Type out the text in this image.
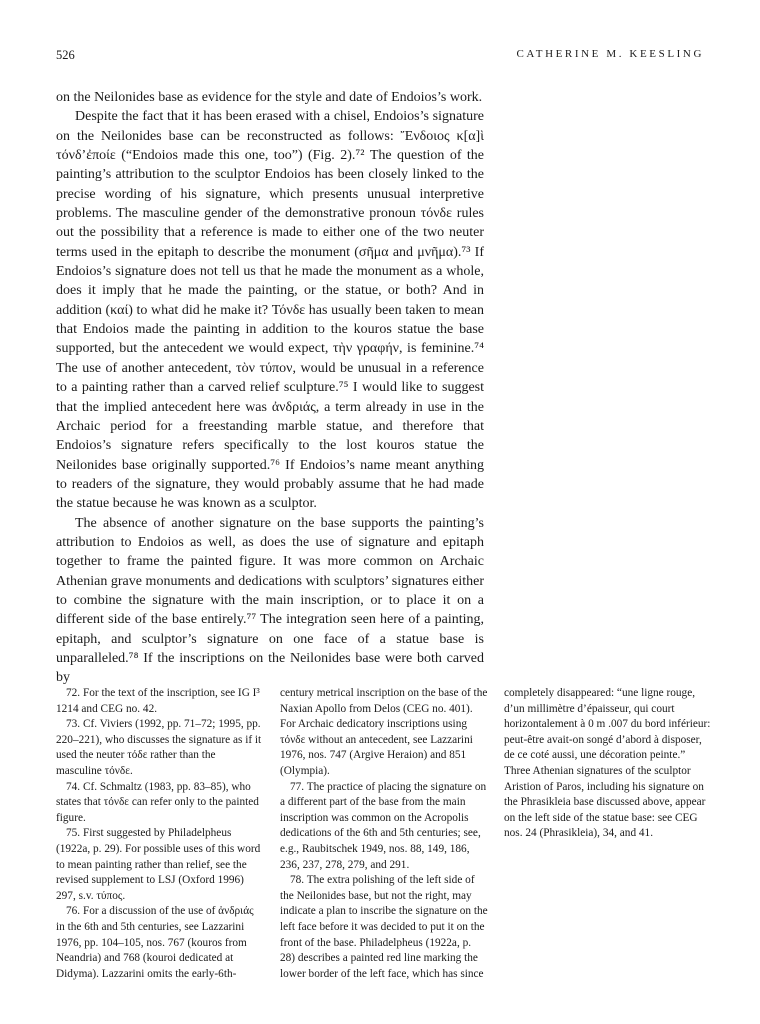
526	CATHERINE M. KEESLING

on the Neilonides base as evidence for the style and date of Endoios’s work.

Despite the fact that it has been erased with a chisel, Endoios’s signature on the Neilonides base can be reconstructed as follows: Ἔνδοιος κ[α]ὶ τόνδ’ἐποίε (“Endoios made this one, too”) (Fig. 2).⁷² The question of the painting’s attribution to the sculptor Endoios has been closely linked to the precise wording of his signature, which presents unusual interpretive problems. The masculine gender of the demonstrative pronoun τόνδε rules out the possibility that a reference is made to either one of the two neuter terms used in the epitaph to describe the monument (σῆμα and μνῆμα).⁷³ If Endoios’s signature does not tell us that he made the monument as a whole, does it imply that he made the painting, or the statue, or both? And in addition (καί) to what did he make it? Τόνδε has usually been taken to mean that Endoios made the painting in addition to the kouros statue the base supported, but the antecedent we would expect, τὴν γραφήν, is feminine.⁷⁴ The use of another antecedent, τὸν τύπον, would be unusual in a reference to a painting rather than a carved relief sculpture.⁷⁵ I would like to suggest that the implied antecedent here was ἀνδριάς, a term already in use in the Archaic period for a freestanding marble statue, and therefore that Endoios’s signature refers specifically to the lost kouros statue the Neilonides base originally supported.⁷⁶ If Endoios’s name meant anything to readers of the signature, they would probably assume that he had made the statue because he was known as a sculptor.

The absence of another signature on the base supports the painting’s attribution to Endoios as well, as does the use of signature and epitaph together to frame the painted figure. It was more common on Archaic Athenian grave monuments and dedications with sculptors’ signatures either to combine the signature with the main inscription, or to place it on a different side of the base entirely.⁷⁷ The integration seen here of a painting, epitaph, and sculptor’s signature on one face of a statue base is unparalleled.⁷⁸ If the inscriptions on the Neilonides base were both carved by

72. For the text of the inscription, see IG I³ 1214 and CEG no. 42.

73. Cf. Viviers (1992, pp. 71–72; 1995, pp. 220–221), who discusses the signature as if it used the neuter τόδε rather than the masculine τόνδε.

74. Cf. Schmaltz (1983, pp. 83–85), who states that τόνδε can refer only to the painted figure.

75. First suggested by Philadelpheus (1922a, p. 29). For possible uses of this word to mean painting rather than relief, see the revised supplement to LSJ (Oxford 1996) 297, s.v. τύπος.

76. For a discussion of the use of ἀνδριάς in the 6th and 5th centuries, see Lazzarini 1976, pp. 104–105, nos. 767 (kouros from Neandria) and 768 (kouroi dedicated at Didyma). Lazzarini omits the early-6th-century metrical inscription on the base of the Naxian Apollo from Delos (CEG no. 401). For Archaic dedicatory inscriptions using τόνδε without an antecedent, see Lazzarini 1976, nos. 747 (Argive Heraion) and 851 (Olympia).

77. The practice of placing the signature on a different part of the base from the main inscription was common on the Acropolis dedications of the 6th and 5th centuries; see, e.g., Raubitschek 1949, nos. 88, 149, 186, 236, 237, 278, 279, and 291.

78. The extra polishing of the left side of the Neilonides base, but not the right, may indicate a plan to inscribe the signature on the left face before it was decided to put it on the front of the base. Philadelpheus (1922a, p. 28) describes a painted red line marking the lower border of the left face, which has since completely disappeared: “une ligne rouge, d’un millimètre d’épaisseur, qui court horizontalement à 0 m .007 du bord inférieur: peut-être avait-on songé d’abord à disposer, de ce coté aussi, une décoration peinte.” Three Athenian signatures of the sculptor Aristion of Paros, including his signature on the Phrasikleia base discussed above, appear on the left side of the statue base: see CEG nos. 24 (Phrasikleia), 34, and 41.
